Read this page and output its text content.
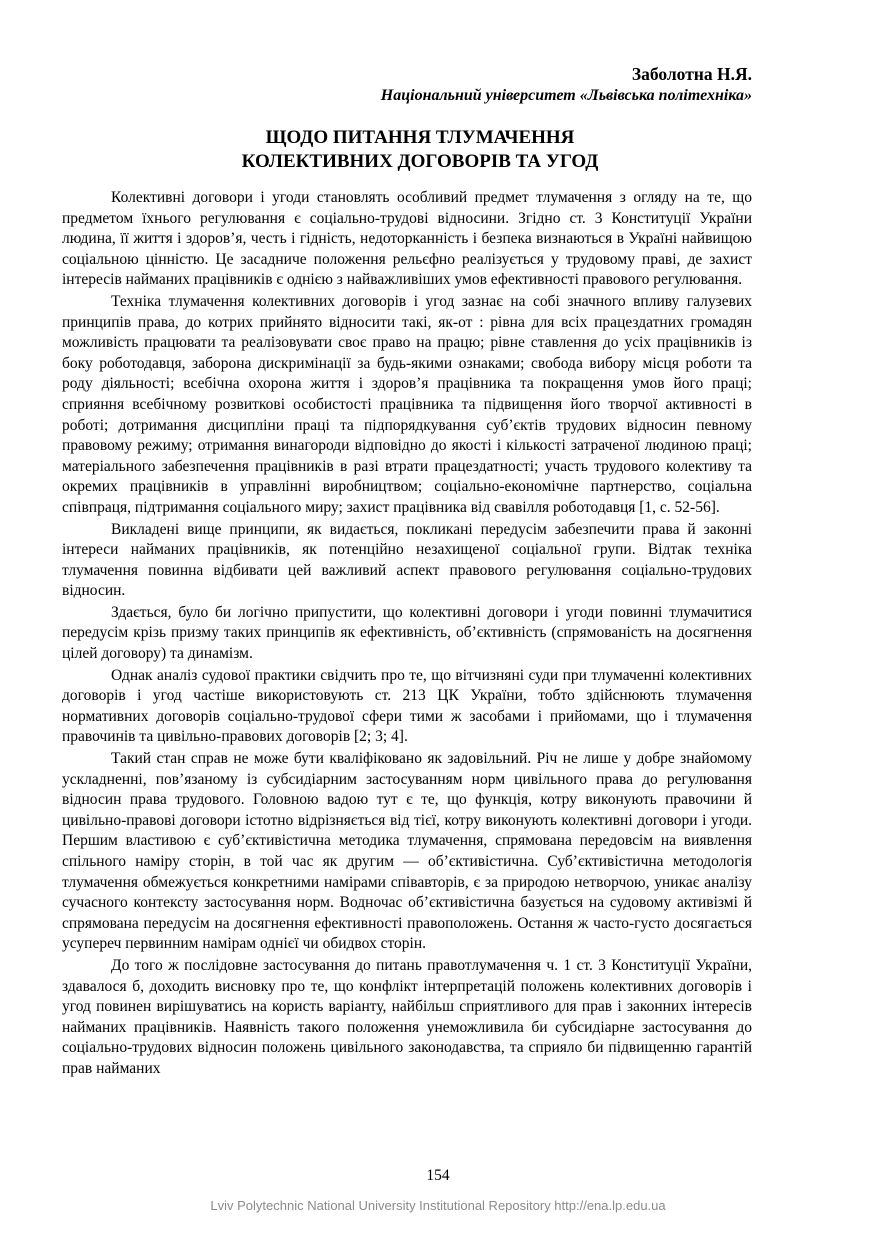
Заболотна Н.Я.
Національний університет «Львівська політехніка»
ЩОДО ПИТАННЯ ТЛУМАЧЕННЯ
КОЛЕКТИВНИХ ДОГОВОРІВ ТА УГОД

Колективні договори і угоди становлять особливий предмет тлумачення з огляду на те, що предметом їхнього регулювання є соціально-трудові відносини. Згідно ст. 3 Конституції України людина, її життя і здоров’я, честь і гідність, недоторканність і безпека визнаються в Україні найвищою соціальною цінністю. Це засадниче положення рельєфно реалізується у трудовому праві, де захист інтересів найманих працівників є однією з найважливіших умов ефективності правового регулювання.

Техніка тлумачення колективних договорів і угод зазнає на собі значного впливу галузевих принципів права, до котрих прийнято відносити такі, як-от : рівна для всіх працездатних громадян можливість працювати та реалізовувати своє право на працю; рівне ставлення до усіх працівників із боку роботодавця, заборона дискримінації за будь-якими ознаками; свобода вибору місця роботи та роду діяльності; всебічна охорона життя і здоров’я працівника та покращення умов його праці; сприяння всебічному розвиткові особистості працівника та підвищення його творчої активності в роботі; дотримання дисципліни праці та підпорядкування суб’єктів трудових відносин певному правовому режиму; отримання винагороди відповідно до якості і кількості затраченої людиною праці; матеріального забезпечення працівників в разі втрати працездатності; участь трудового колективу та окремих працівників в управлінні виробництвом; соціально-економічне партнерство, соціальна співпраця, підтримання соціального миру; захист працівника від свавілля роботодавця [1, с. 52-56].

Викладені вище принципи, як видається, покликані передусім забезпечити права й законні інтереси найманих працівників, як потенційно незахищеної соціальної групи. Відтак техніка тлумачення повинна відбивати цей важливий аспект правового регулювання соціально-трудових відносин.

Здається, було би логічно припустити, що колективні договори і угоди повинні тлумачитися передусім крізь призму таких принципів як ефективність, об’єктивність (спрямованість на досягнення цілей договору) та динамізм.

Однак аналіз судової практики свідчить про те, що вітчизняні суди при тлумаченні колективних договорів і угод частіше використовують ст. 213 ЦК України, тобто здійснюють тлумачення нормативних договорів соціально-трудової сфери тими ж засобами і прийомами, що і тлумачення правочинів та цивільно-правових договорів [2; 3; 4].

Такий стан справ не може бути кваліфіковано як задовільний. Річ не лише у добре знайомому ускладненні, пов’язаному із субсидіарним застосуванням норм цивільного права до регулювання відносин права трудового. Головною вадою тут є те, що функція, котру виконують правочини й цивільно-правові договори істотно відрізняється від тієї, котру виконують колективні договори і угоди. Першим властивою є суб’єктивістична методика тлумачення, спрямована передовсім на виявлення спільного наміру сторін, в той час як другим — об’єктивістична. Суб’єктивістична методологія тлумачення обмежується конкретними намірами співавторів, є за природою нетворчою, уникає аналізу сучасного контексту застосування норм. Водночас об’єктивістична базується на судовому активізмі й спрямована передусім на досягнення ефективності правоположень. Остання ж часто-густо досягається усупереч первинним намірам однієї чи обидвох сторін.

До того ж послідовне застосування до питань правотлумачення ч. 1 ст. 3 Конституції України, здавалося б, доходить висновку про те, що конфлікт інтерпретацій положень колективних договорів і угод повинен вирішуватись на користь варіанту, найбільш сприятливого для прав і законних інтересів найманих працівників. Наявність такого положення унеможливила би субсидіарне застосування до соціально-трудових відносин положень цивільного законодавства, та сприяло би підвищенню гарантій прав найманих

154
Lviv Polytechnic National University Institutional Repository http://ena.lp.edu.ua
